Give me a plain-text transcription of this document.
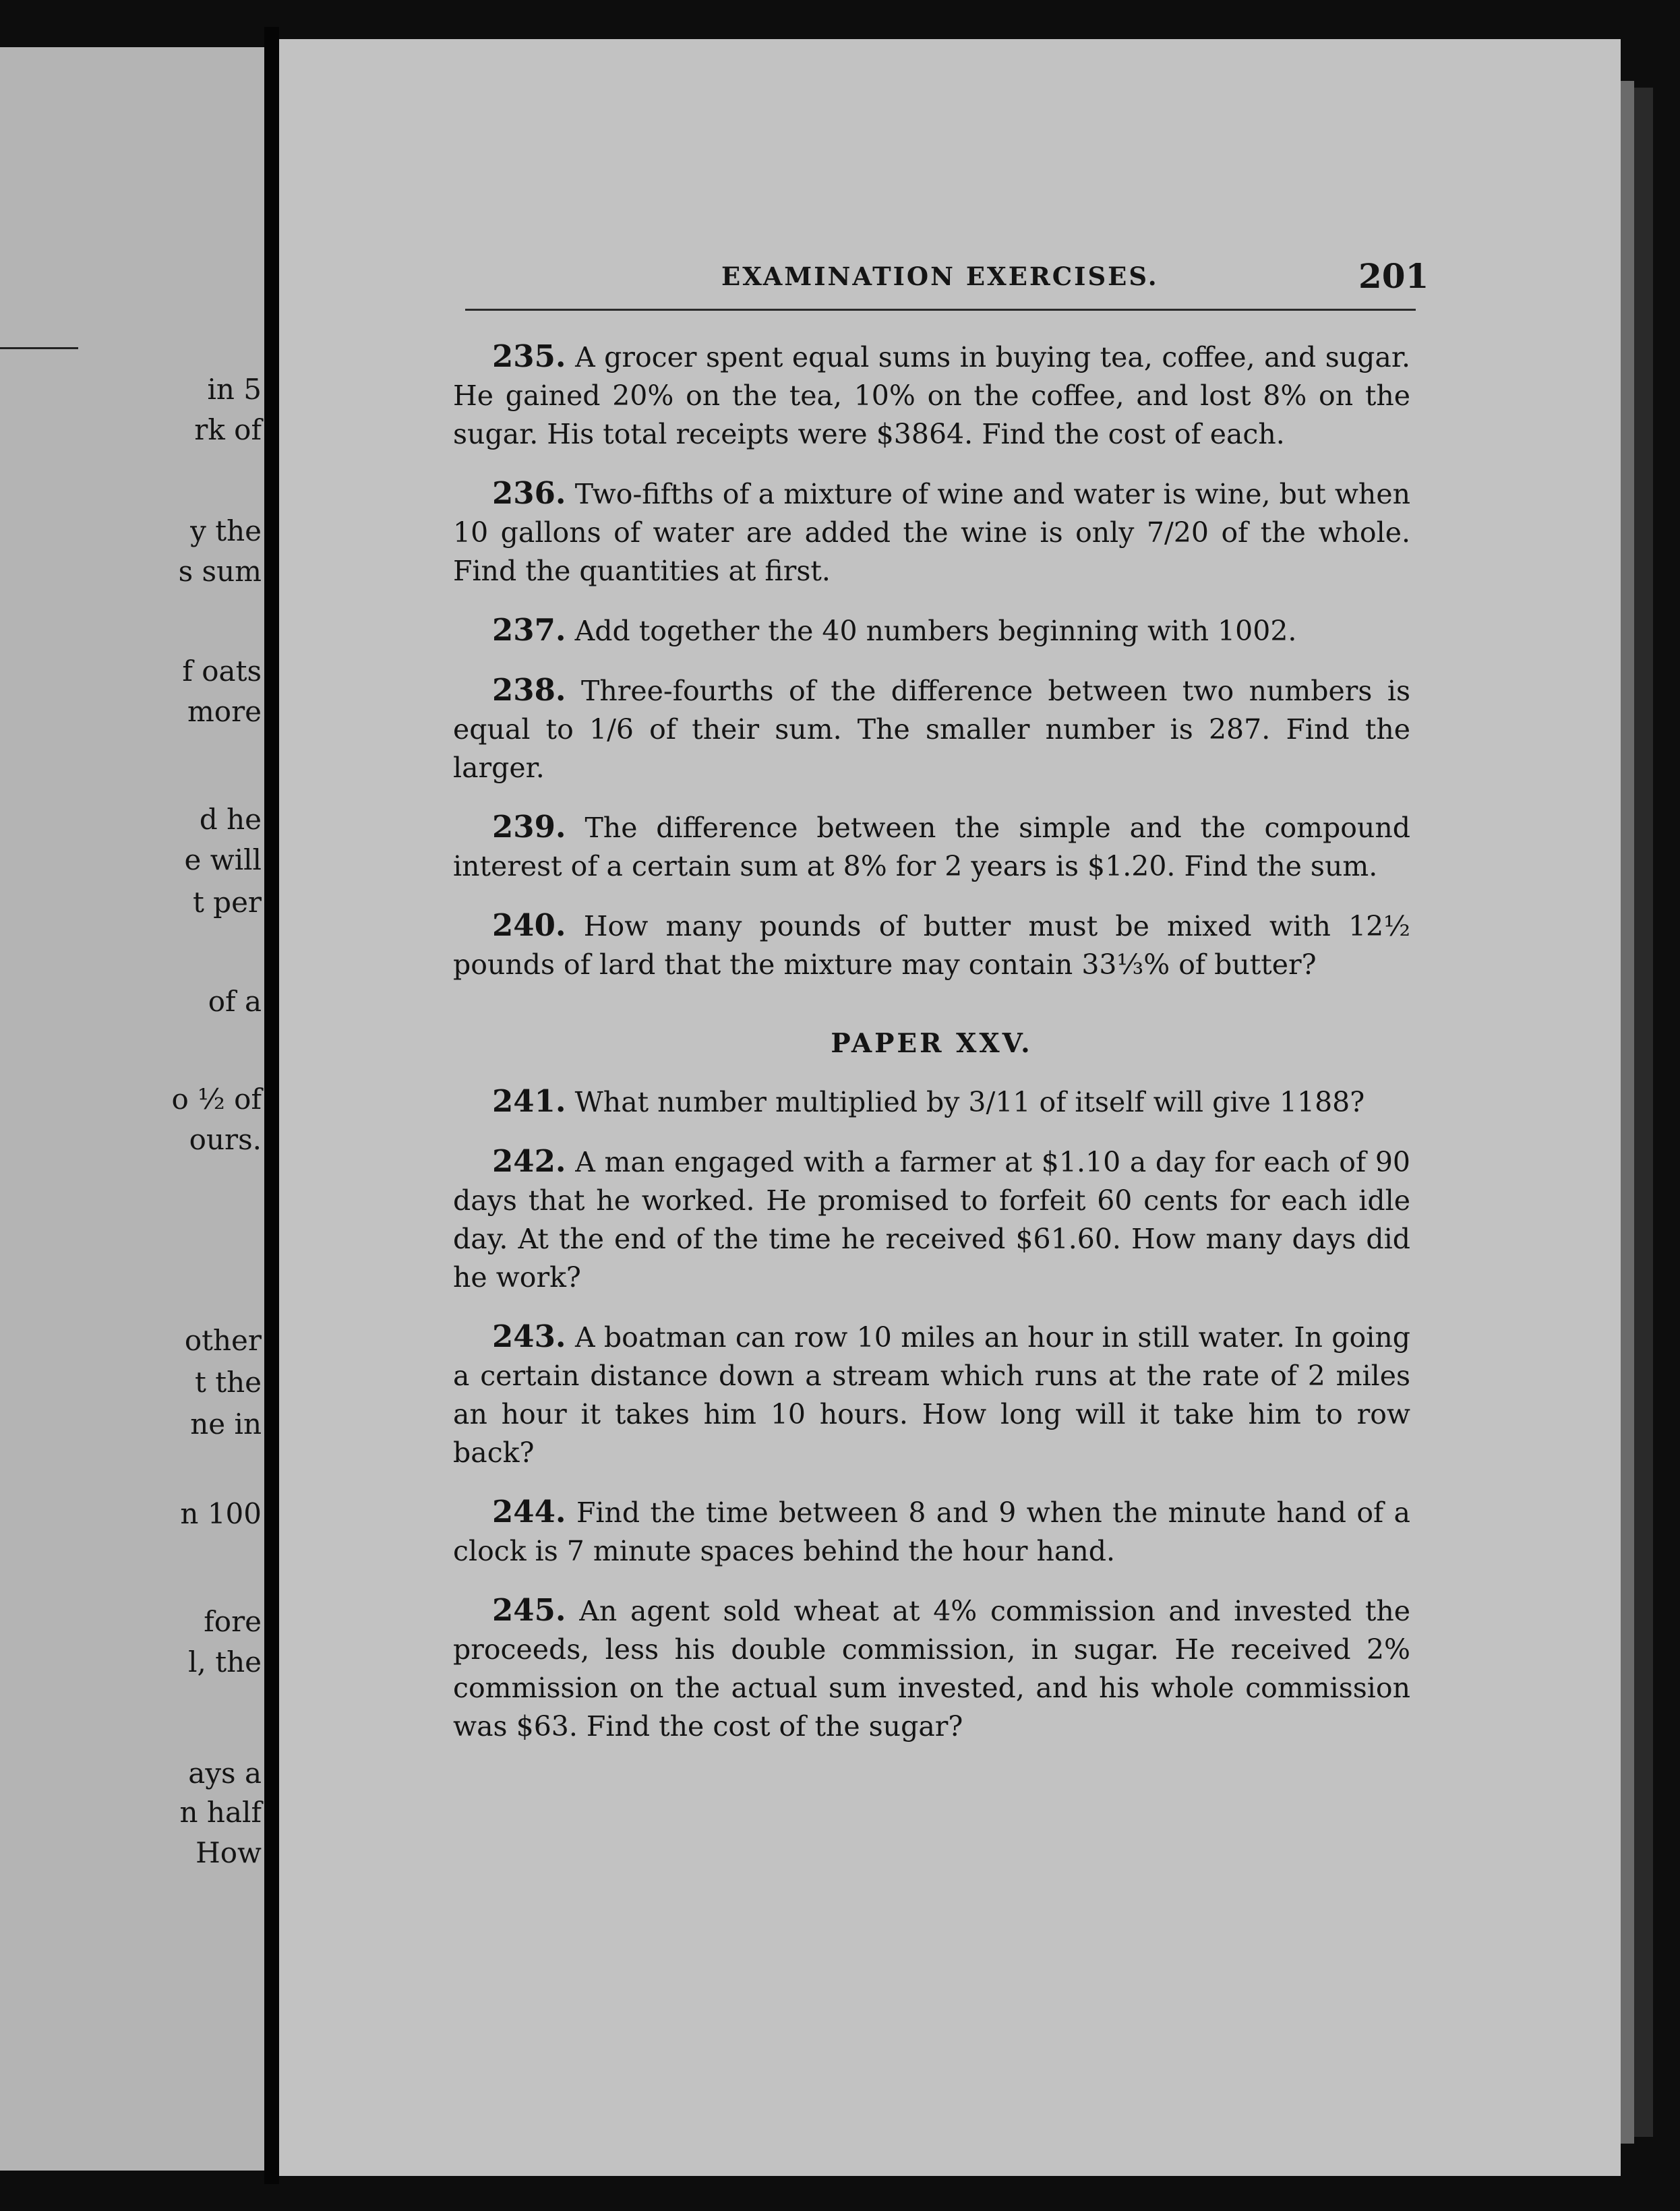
in 5
rk of
y the
s sum
f oats
more
d he
e will
t per
of a
o ½ of
ours.
other
t the
ne in
n 100
fore
l, the
ays a
n half
How
EXAMINATION EXERCISES.	201

235. A grocer spent equal sums in buying tea, coffee, and sugar. He gained 20% on the tea, 10% on the coffee, and lost 8% on the sugar. His total receipts were $3864. Find the cost of each.

236. Two-fifths of a mixture of wine and water is wine, but when 10 gallons of water are added the wine is only 7/20 of the whole. Find the quantities at first.

237. Add together the 40 numbers beginning with 1002.

238. Three-fourths of the difference between two numbers is equal to 1/6 of their sum. The smaller number is 287. Find the larger.

239. The difference between the simple and the compound interest of a certain sum at 8% for 2 years is $1.20. Find the sum.

240. How many pounds of butter must be mixed with 12½ pounds of lard that the mixture may contain 33⅓% of butter?

PAPER XXV.

241. What number multiplied by 3/11 of itself will give 1188?

242. A man engaged with a farmer at $1.10 a day for each of 90 days that he worked. He promised to forfeit 60 cents for each idle day. At the end of the time he received $61.60. How many days did he work?

243. A boatman can row 10 miles an hour in still water. In going a certain distance down a stream which runs at the rate of 2 miles an hour it takes him 10 hours. How long will it take him to row back?

244. Find the time between 8 and 9 when the minute hand of a clock is 7 minute spaces behind the hour hand.

245. An agent sold wheat at 4% commission and invested the proceeds, less his double commission, in sugar. He received 2% commission on the actual sum invested, and his whole commission was $63. Find the cost of the sugar?
